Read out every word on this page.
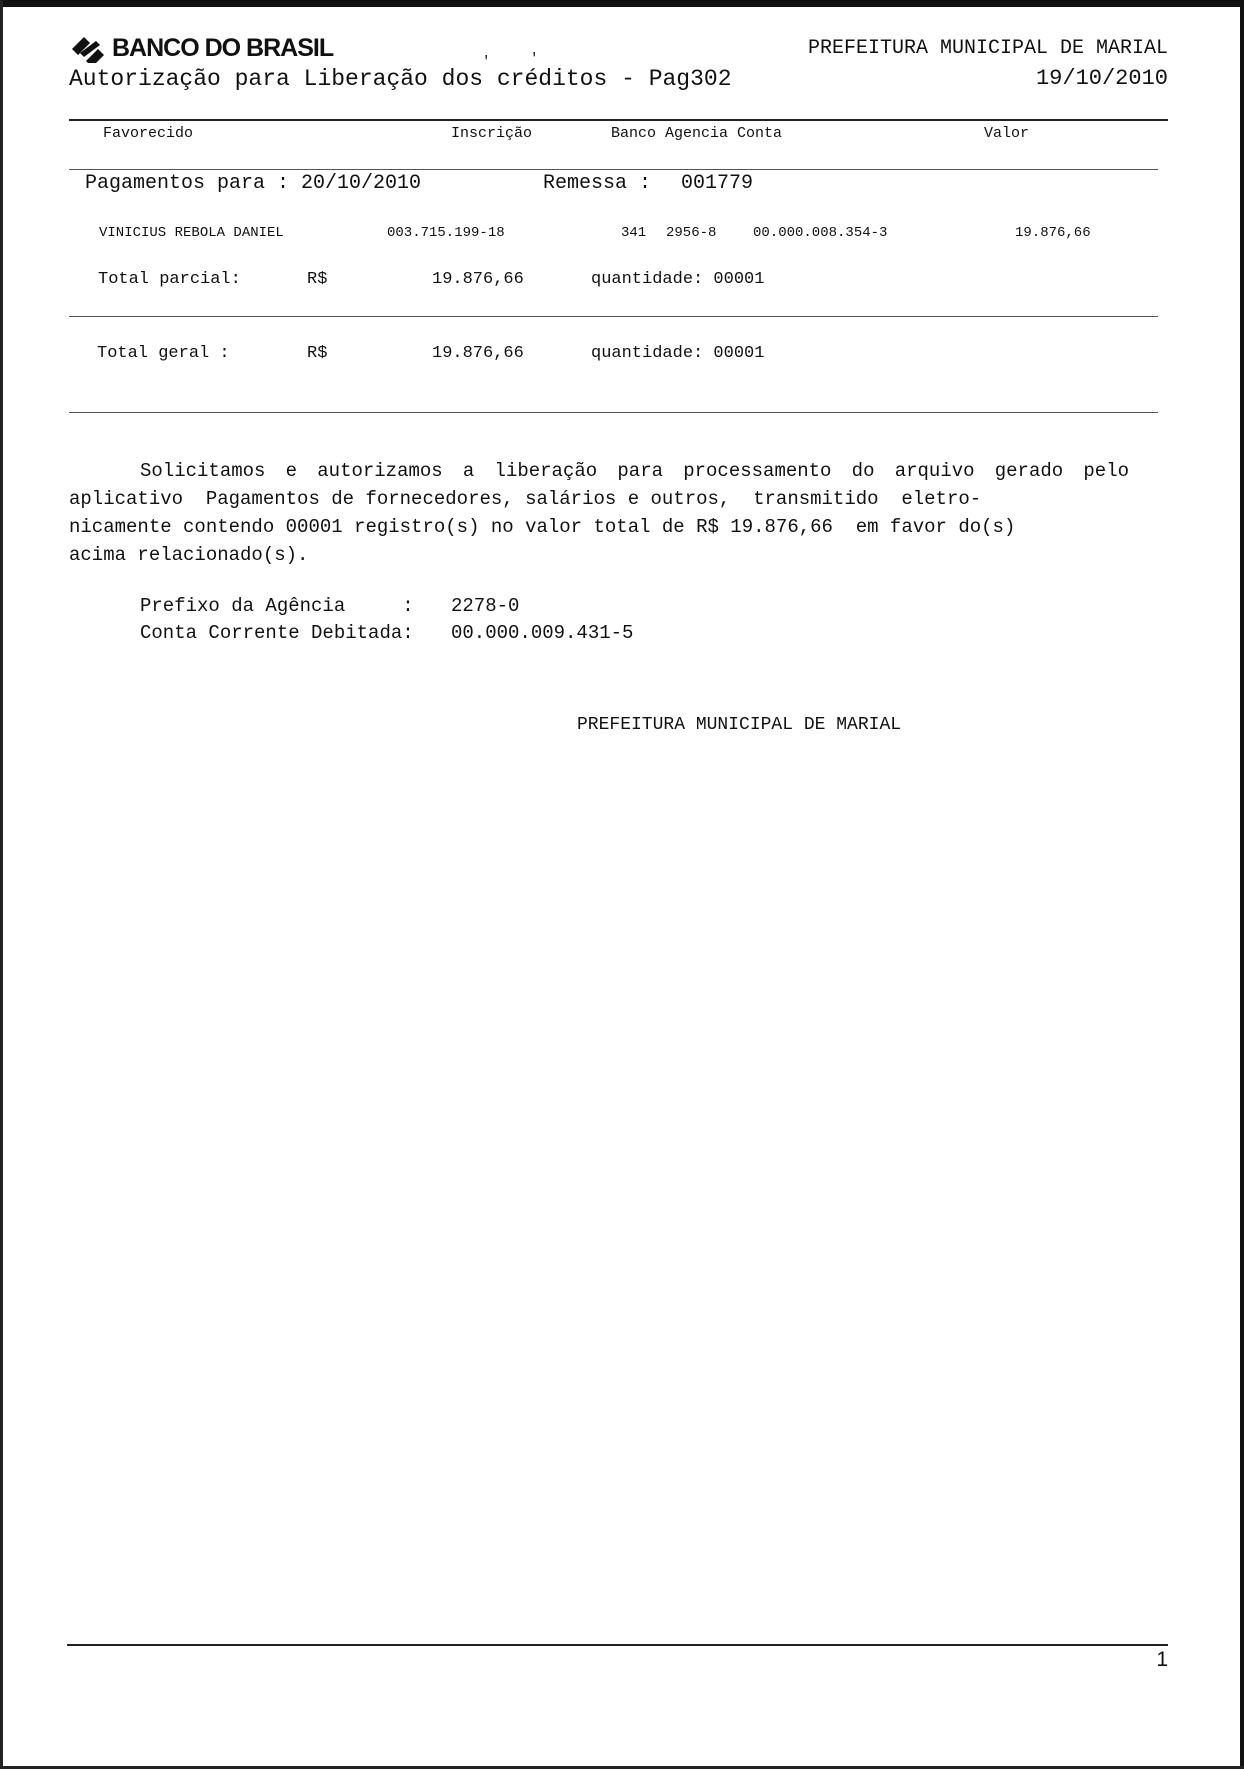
BANCO DO BRASIL
Autorização para Liberação dos créditos - Pag302
'	'	PREFEITURA MUNICIPAL DE MARIAL
19/10/2010
Favorecido	Inscrição	Banco Agencia Conta	Valor
Pagamentos para : 20/10/2010	Remessa : 001779
VINICIUS REBOLA DANIEL	003.715.199-18	341 2956-8	00.000.008.354-3	19.876,66
Total parcial:	R$	19.876,66	quantidade: 00001
Total geral :	R$	19.876,66	quantidade: 00001

Solicitamos e autorizamos a liberação para processamento do arquivo gerado pelo

aplicativo  Pagamentos de fornecedores, salários e outros,  transmitido  eletro-

nicamente contendo 00001 registro(s) no valor total de R$ 19.876,66  em favor do(s)

acima relacionado(s).

Prefixo da Agência     : 2278-0
Conta Corrente Debitada: 00.000.009.431-5
PREFEITURA MUNICIPAL DE MARIAL
1
